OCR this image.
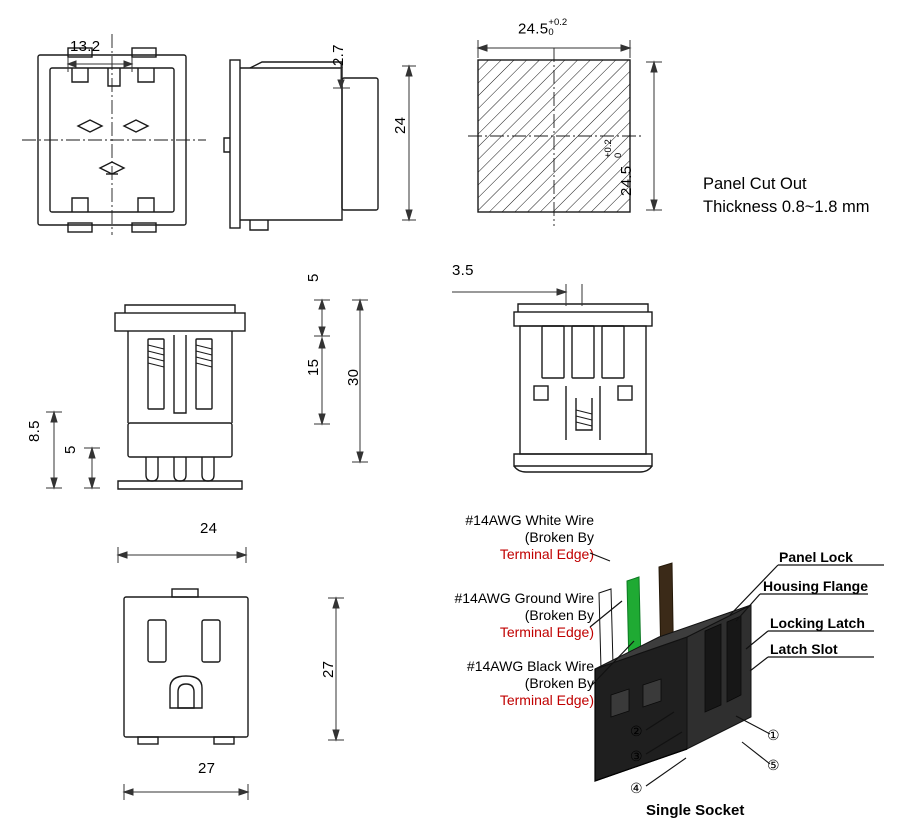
13.2	2.7
24
24.5+0.2
0
24.5
+0.2
0
Panel Cut Out
Thickness 0.8~1.8 mm
5
15
30
8.5
5
24
3.5
27
27
#14AWG White Wire
(Broken By
Terminal Edge)
#14AWG Ground Wire
(Broken By
Terminal Edge)
#14AWG Black Wire
(Broken By
Terminal Edge)
Panel Lock
Housing Flange
Locking Latch
Latch Slot
②
③
④
①
⑤
Single Socket
